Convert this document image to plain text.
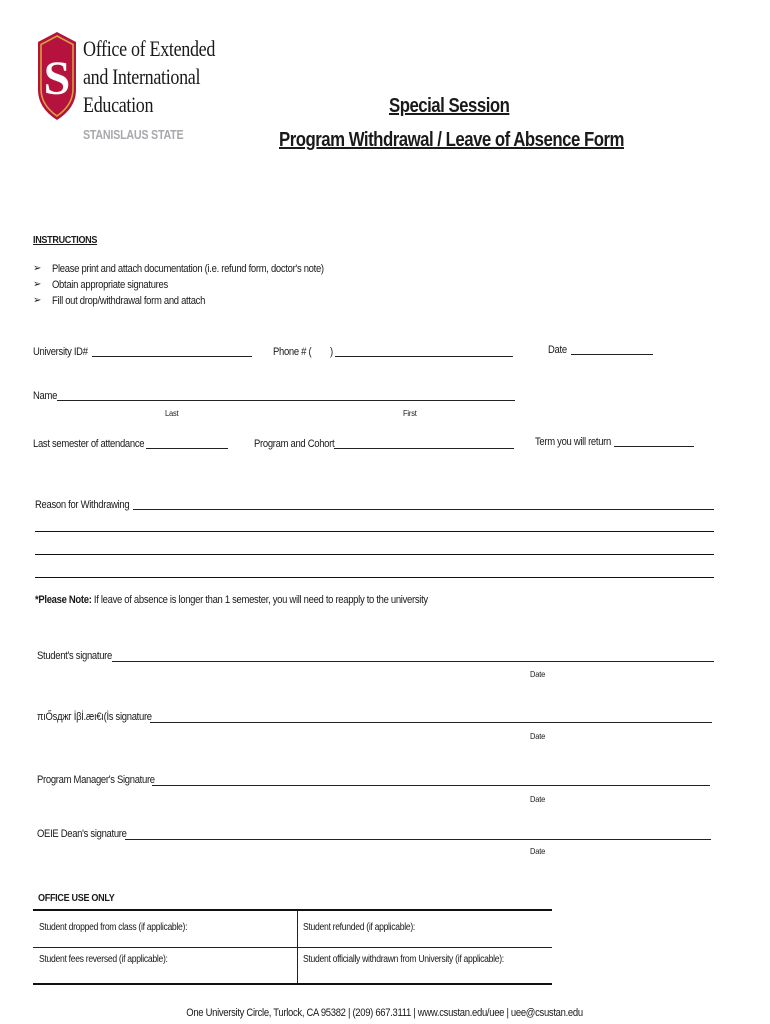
S
Office of Extended
and International
Education
STANISLAUS STATE
Special Session
Program Withdrawal / Leave of Absence Form
INSTRUCTIONS
➢ Please print and attach documentation (i.e. refund form, doctor's note)
➢ Obtain appropriate signatures
➢ Fill out drop/withdrawal form and attach
University ID#	Phone # ( )	Date
Name
Last	First
Last semester of attendance	Program and Cohort	Term you will return
Reason for Withdrawing
*Please Note: If leave of absence is longer than 1 semester, you will need to reapply to the university
Student's signature
Date
πıŐѕджг İβİ.æı€ı(İs signature
Date
Program Manager's Signature
Date
OEIE Dean's signature
Date
OFFICE USE ONLY
Student dropped from class (if applicable):	Student refunded (if applicable):
Student fees reversed (if applicable):	Student officially withdrawn from University (if applicable):
One University Circle, Turlock, CA 95382 | (209) 667.3111 | www.csustan.edu/uee | uee@csustan.edu
